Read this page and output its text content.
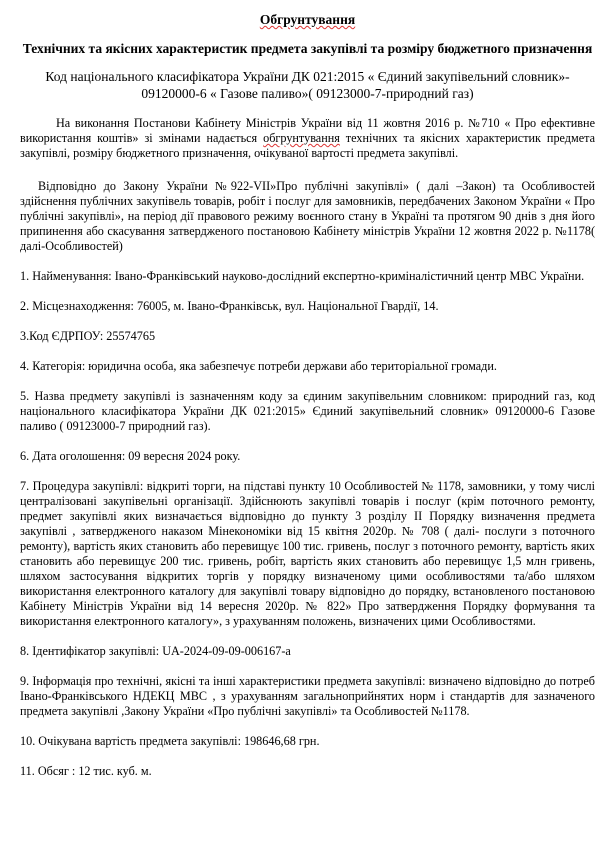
Обгрунтування
Технічних та якісних характеристик предмета закупівлі та розміру бюджетного призначення
Код національного класифікатора України ДК 021:2015 « Єдиний закупівельний словник»- 09120000-6 « Газове паливо»( 09123000-7-природний газ)

На виконання Постанови Кабінету Міністрів України від 11 жовтня 2016 р. №710 « Про ефективне використання коштів» зі змінами надається обгрунтування технічних та якісних характеристик предмета закупівлі, розміру бюджетного призначення, очікуваної вартості предмета закупівлі.

Відповідно до Закону України №922-VII»Про публічні закупівлі» ( далі –Закон) та Особливостей здійснення публічних закупівель товарів, робіт і послуг для замовників, передбачених Законом України « Про публічні закупівлі», на період дії правового режиму воєнного стану в Україні та протягом 90 днів з дня його припинення або скасування затвердженого постановою Кабінету міністрів України 12 жовтня 2022 р. №1178( далі-Особливостей)

1. Найменування: Івано-Франківський науково-дослідний експертно-криміналістичний центр МВС України.

2. Місцезнаходження: 76005, м. Івано-Франківськ, вул. Національної Гвардії, 14.

3.Код ЄДРПОУ: 25574765

4. Категорія: юридична особа, яка забезпечує потреби держави або територіальної громади.

5. Назва предмету закупівлі із зазначенням коду за єдиним закупівельним словником: природний газ, код національного класифікатора України ДК 021:2015» Єдиний закупівельний словник» 09120000-6 Газове паливо ( 09123000-7 природний газ).

6. Дата оголошення: 09 вересня 2024 року.

7. Процедура закупівлі: відкриті торги, на підставі пункту 10 Особливостей № 1178, замовники, у тому числі централізовані закупівельні організації. Здійснюють закупівлі товарів і послуг (крім поточного ремонту, предмет закупівлі яких визначається відповідно до пункту 3 розділу ІІ Порядку визначення предмета закупівлі , затвердженого наказом Мінекономіки від 15 квітня 2020р. № 708 ( далі- послуги з поточного ремонту), вартість яких становить або перевищує 100 тис. гривень, послуг з поточного ремонту, вартість яких становить або перевищує 200 тис. гривень, робіт, вартість яких становить або перевищує 1,5 млн гривень, шляхом застосування відкритих торгів у порядку визначеному цими особливостями та/або шляхом використання електронного каталогу для закупівлі товару відповідно до порядку, встановленого постановою Кабінету Міністрів України від 14 вересня 2020р. № 822» Про затвердження Порядку формування та використання електронного каталогу», з урахуванням положень, визначених цими Особливостями.

8. Ідентифікатор закупівлі: UA-2024-09-09-006167-a

9. Інформація про технічні, якісні та інші характеристики предмета закупівлі: визначено відповідно до потреб Івано-Франківського НДЕКЦ МВС , з урахуванням загальноприйнятих норм і стандартів для зазначеного предмета закупівлі ,Закону України «Про публічні закупівлі» та Особливостей №1178.

10. Очікувана вартість предмета закупівлі: 198646,68 грн.

11. Обсяг : 12 тис. куб. м.
